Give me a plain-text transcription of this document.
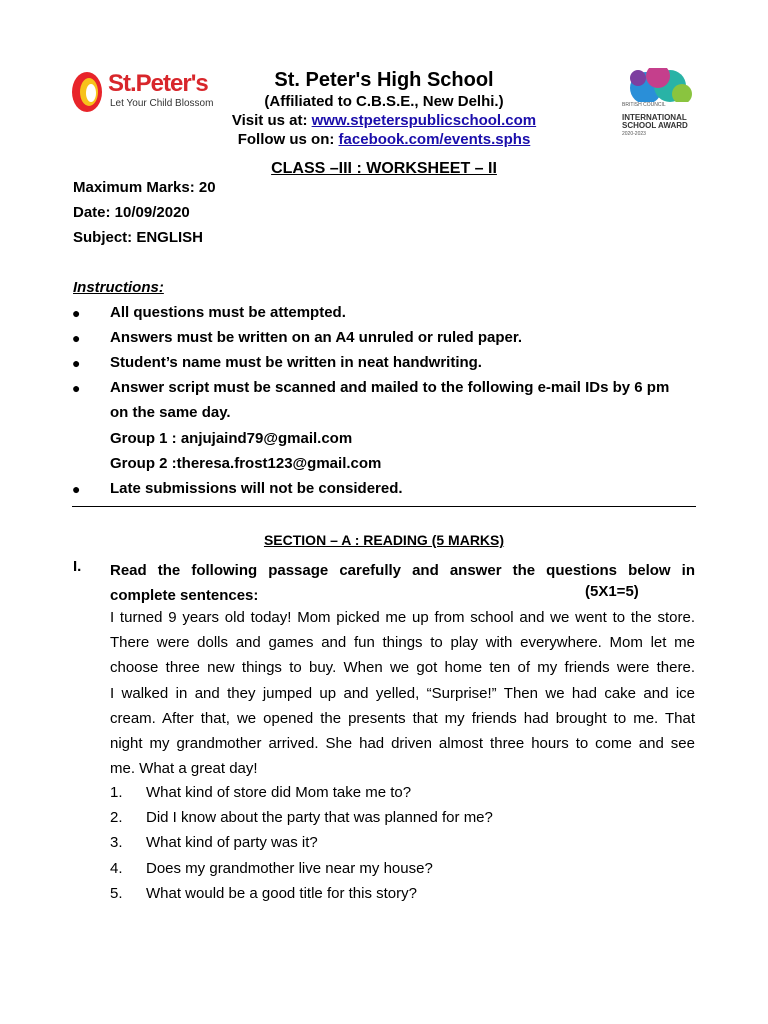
St.Peter's
Let Your Child Blossom
St. Peter's High School
(Affiliated to C.B.S.E., New Delhi.)
Visit us at: www.stpeterspublicschool.com
Follow us on: facebook.com/events.sphs
BRITISH COUNCIL
INTERNATIONAL
SCHOOL AWARD
2020-2023
CLASS –III : WORKSHEET – II
Maximum Marks: 20
Date: 10/09/2020
Subject: ENGLISH
Instructions:
● All questions must be attempted.
● Answers must be written on an A4 unruled or ruled paper.
● Student’s name must be written in neat handwriting.
● Answer script must be scanned and mailed to the following e-mail IDs by 6 pm
on the same day.
Group 1 : anjujaind79@gmail.com
Group 2 :theresa.frost123@gmail.com
● Late submissions will not be considered.
SECTION – A : READING (5 MARKS)
I. Read the following passage carefully and answer the questions below in
complete sentences:	(5X1=5)
I turned 9 years old today! Mom picked me up from school and we went to the store.
There were dolls and games and fun things to play with everywhere. Mom let me
choose three new things to buy. When we got home ten of my friends were there.
I walked in and they jumped up and yelled, “Surprise!” Then we had cake and ice
cream. After that, we opened the presents that my friends had brought to me. That
night my grandmother arrived. She had driven almost three hours to come and see
me. What a great day!
1. What kind of store did Mom take me to?
2. Did I know about the party that was planned for me?
3. What kind of party was it?
4. Does my grandmother live near my house?
5. What would be a good title for this story?
